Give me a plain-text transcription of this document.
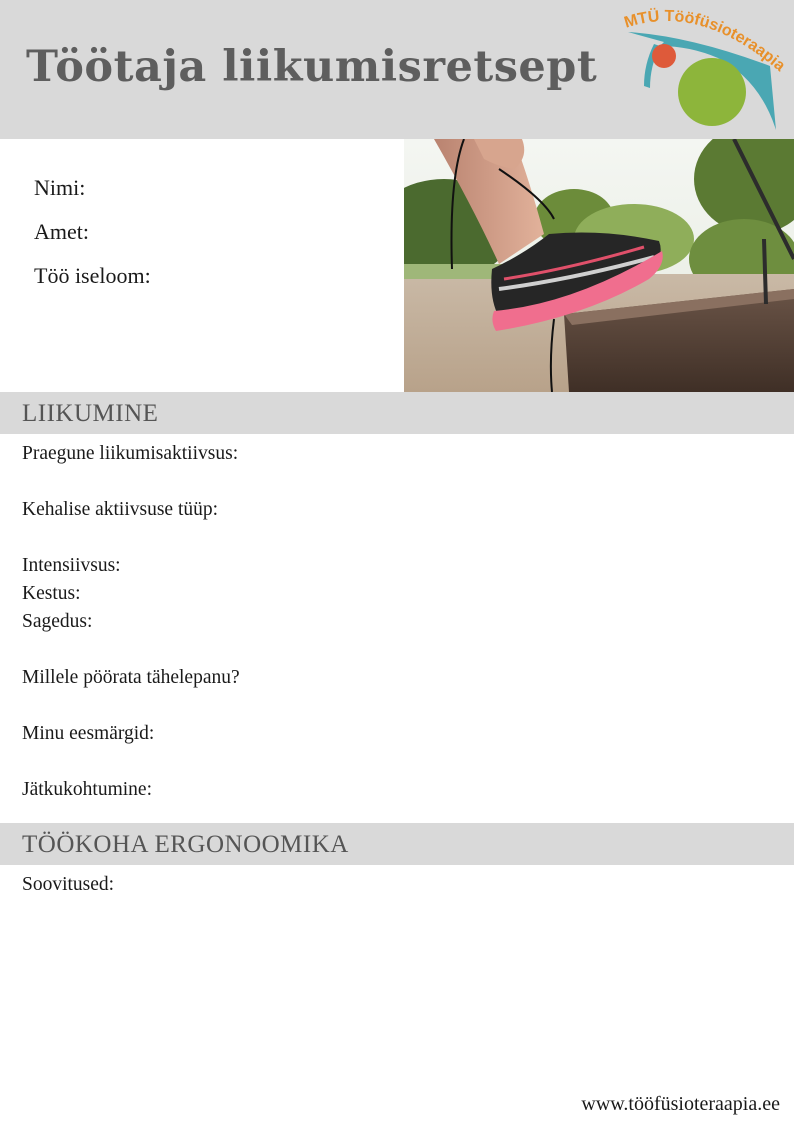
Töötaja liikumisretsept
MTÜ Tööfüsioteraapia
Nimi:
Amet:
Töö iseloom:
LIIKUMINE
Praegune liikumisaktiivsus:
Kehalise aktiivsuse tüüp:
Intensiivsus:
Kestus:
Sagedus:
Millele pöörata tähelepanu?
Minu eesmärgid:
Jätkukohtumine:
TÖÖKOHA ERGONOOMIKA
Soovitused:
www.tööfüsioteraapia.ee
